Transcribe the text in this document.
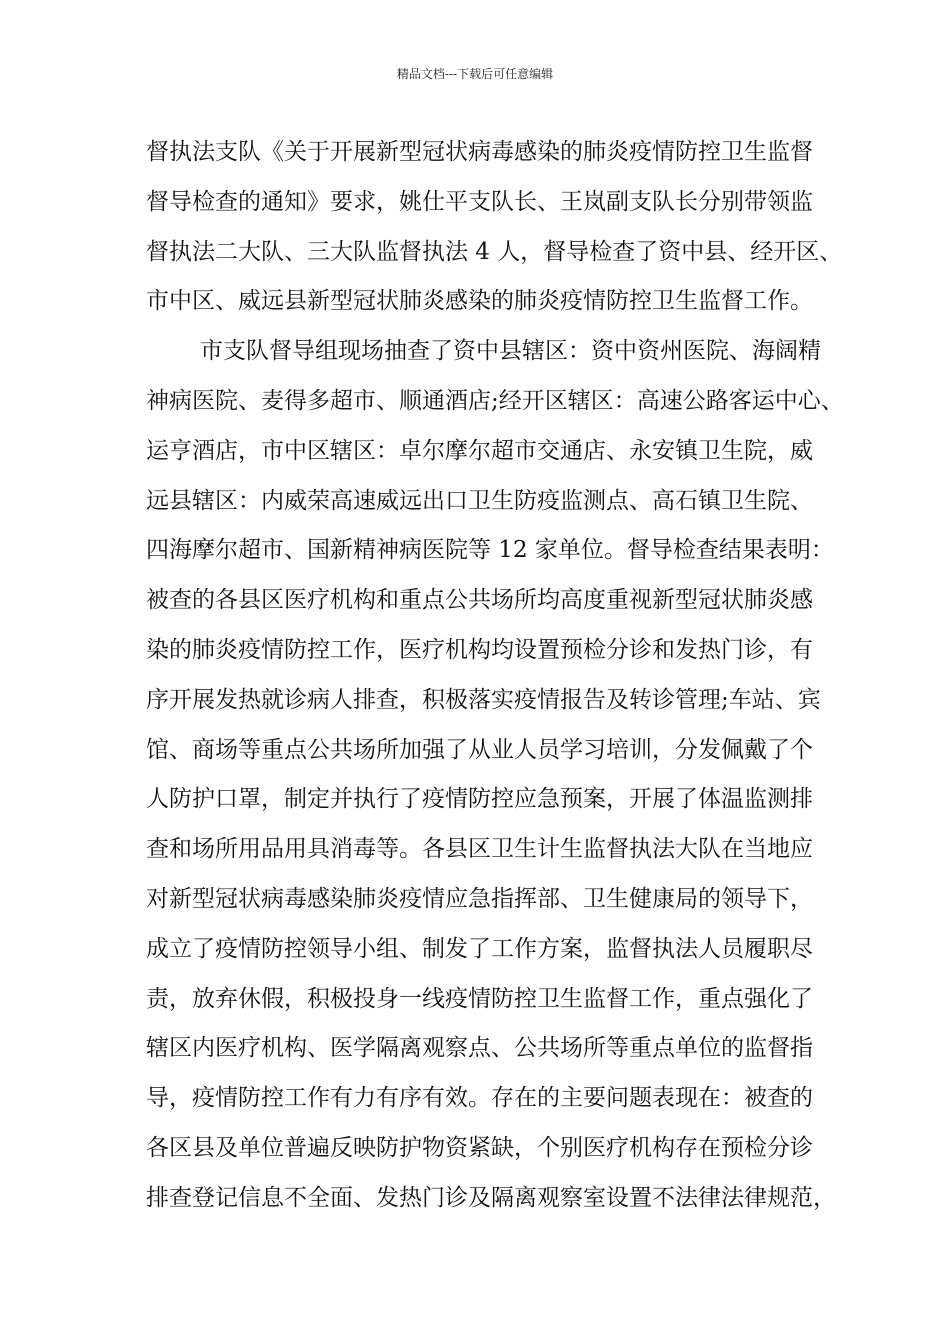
精品文档---下载后可任意编辑
督执法支队《关于开展新型冠状病毒感染的肺炎疫情防控卫生监督
督导检查的通知》要求，姚仕平支队长、王岚副支队长分别带领监
督执法二大队、三大队监督执法 4 人，督导检查了资中县、经开区、
市中区、威远县新型冠状肺炎感染的肺炎疫情防控卫生监督工作。
市支队督导组现场抽查了资中县辖区：资中资州医院、海阔精
神病医院、麦得多超市、顺通酒店;经开区辖区：高速公路客运中心、
运亨酒店，市中区辖区：卓尔摩尔超市交通店、永安镇卫生院，威
远县辖区：内威荣高速威远出口卫生防疫监测点、高石镇卫生院、
四海摩尔超市、国新精神病医院等 12 家单位。督导检查结果表明：
被查的各县区医疗机构和重点公共场所均高度重视新型冠状肺炎感
染的肺炎疫情防控工作，医疗机构均设置预检分诊和发热门诊，有
序开展发热就诊病人排查，积极落实疫情报告及转诊管理;车站、宾
馆、商场等重点公共场所加强了从业人员学习培训，分发佩戴了个
人防护口罩，制定并执行了疫情防控应急预案，开展了体温监测排
查和场所用品用具消毒等。各县区卫生计生监督执法大队在当地应
对新型冠状病毒感染肺炎疫情应急指挥部、卫生健康局的领导下，
成立了疫情防控领导小组、制发了工作方案，监督执法人员履职尽
责，放弃休假，积极投身一线疫情防控卫生监督工作，重点强化了
辖区内医疗机构、医学隔离观察点、公共场所等重点单位的监督指
导，疫情防控工作有力有序有效。存在的主要问题表现在：被查的
各区县及单位普遍反映防护物资紧缺，个别医疗机构存在预检分诊
排查登记信息不全面、发热门诊及隔离观察室设置不法律法律规范，
